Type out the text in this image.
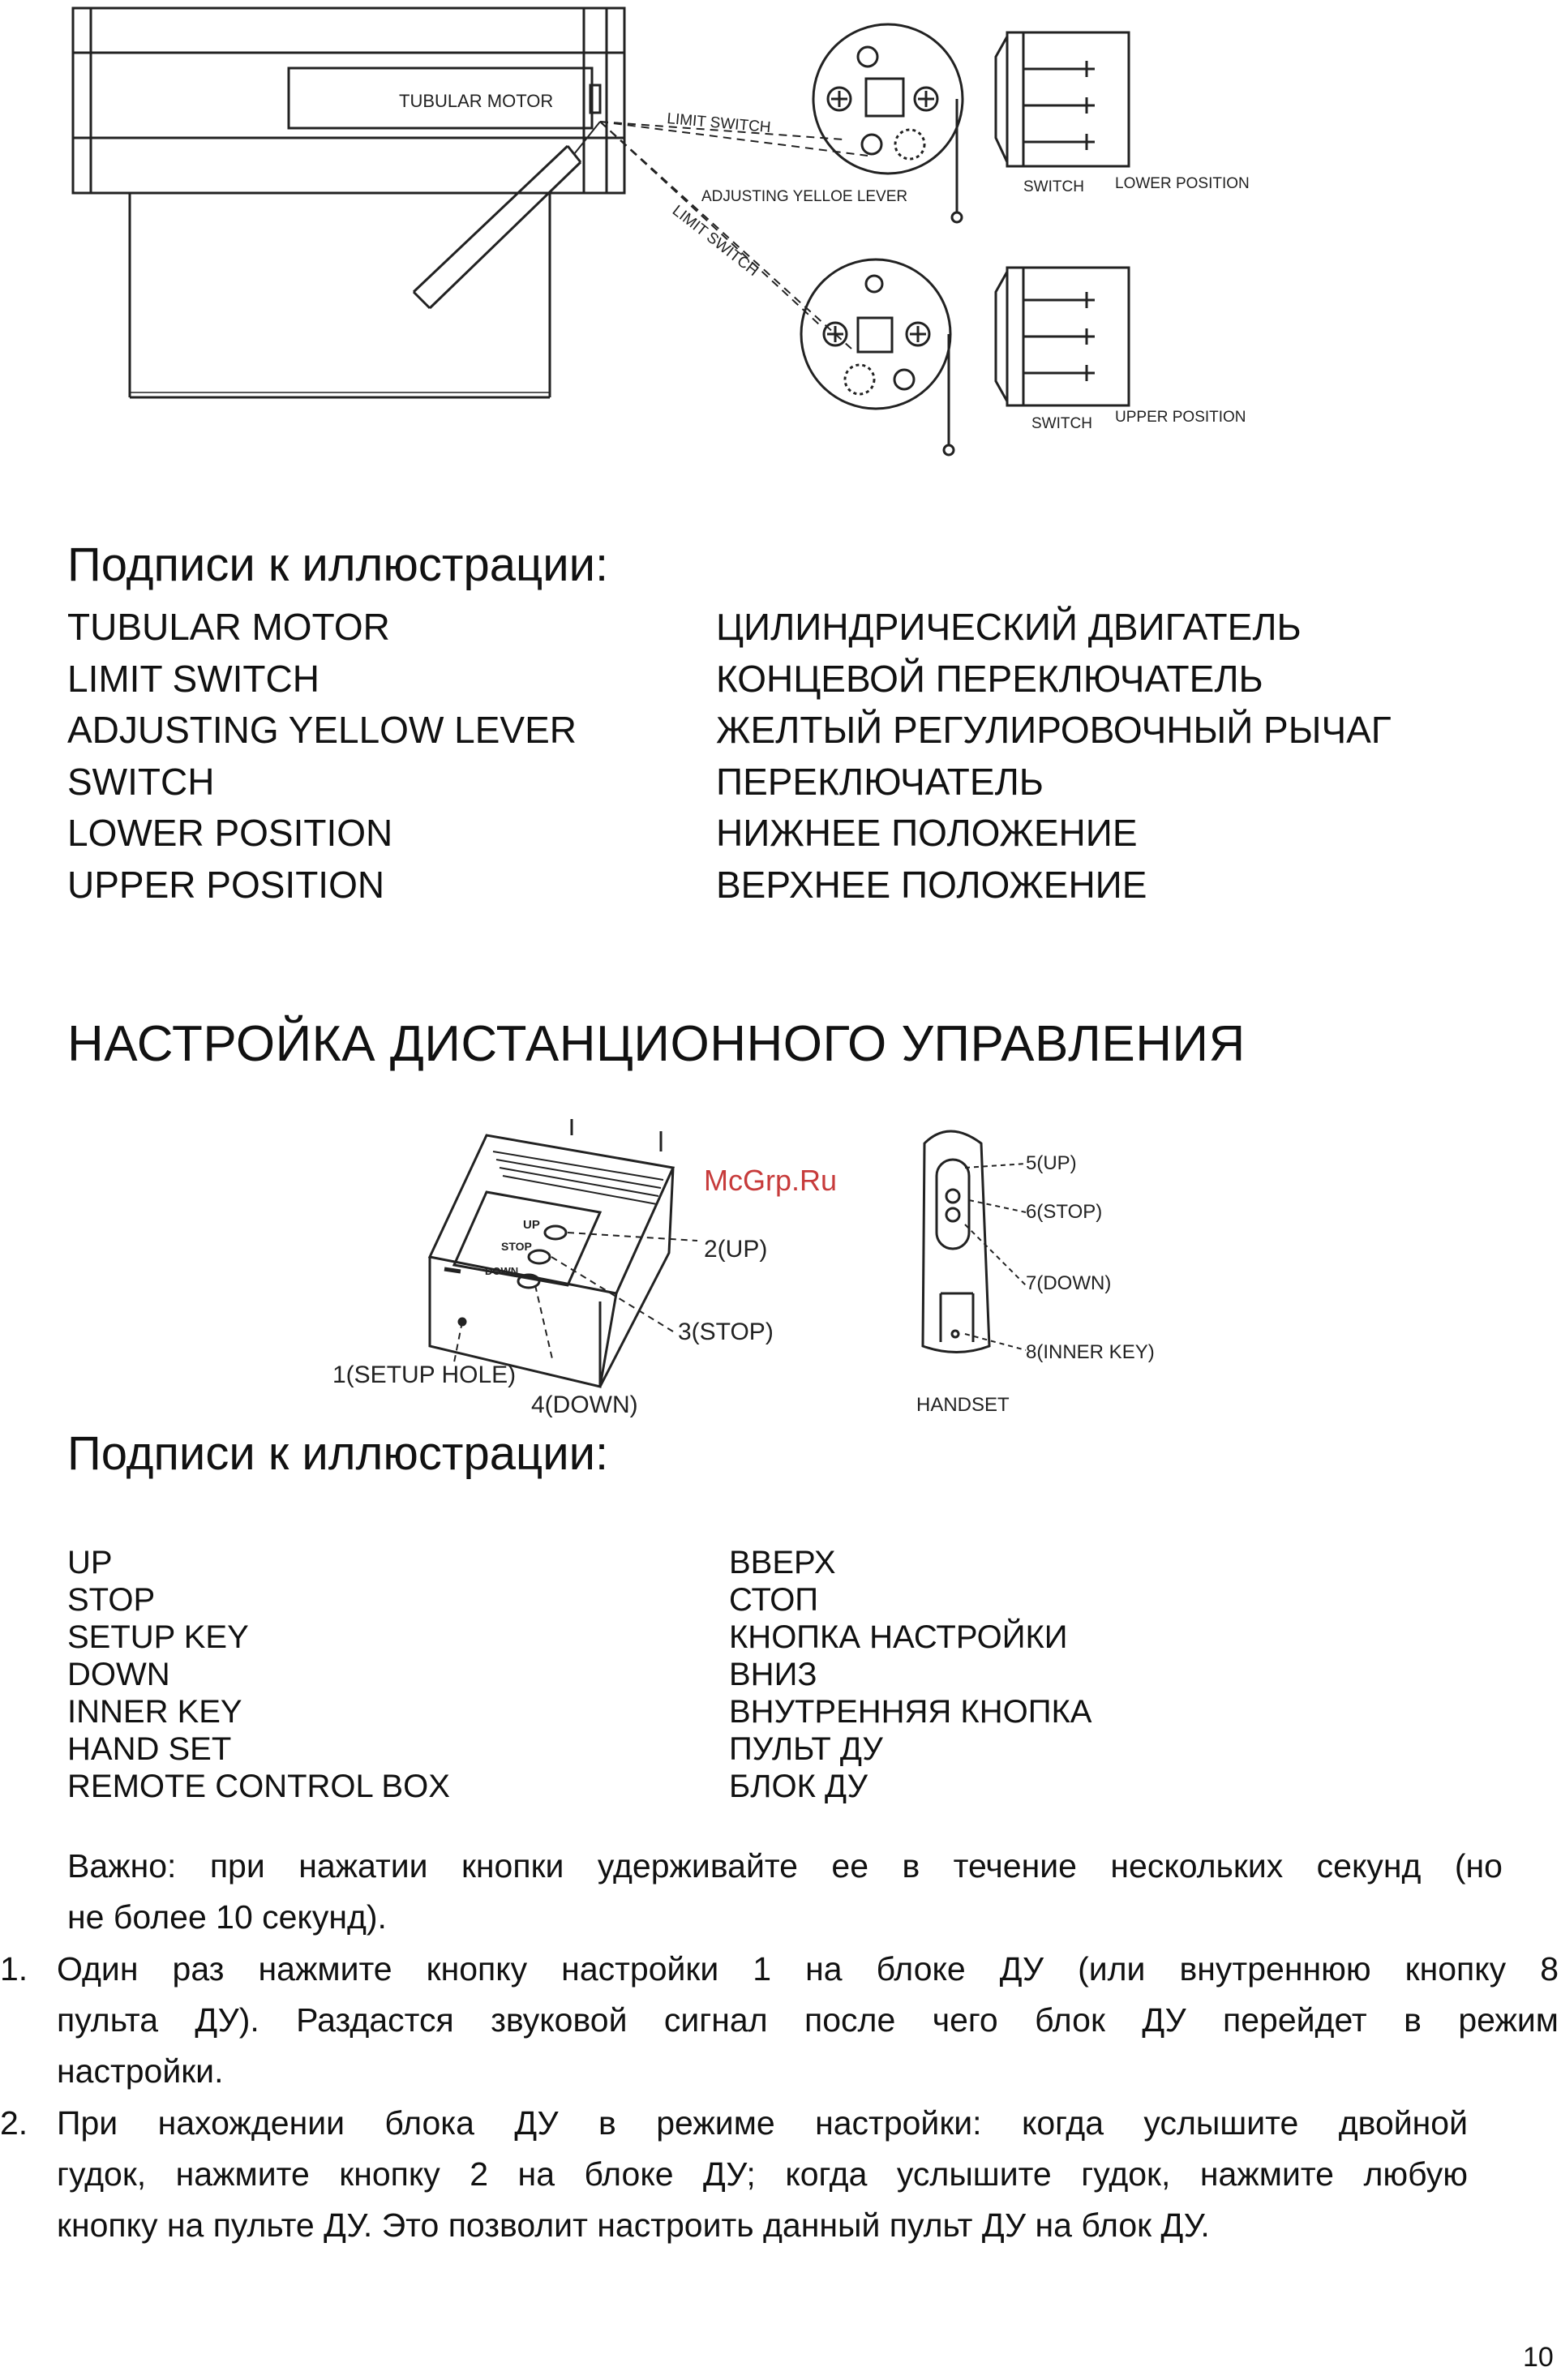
TUBULAR MOTOR
LIMIT SWITCH
ADJUSTING YELLOE LEVER
LIMIT SWITCH
SWITCH LOWER POSITION
SWITCH UPPER POSITION
Подписи к иллюстрации:
TUBULAR MOTOR	ЦИЛИНДРИЧЕСКИЙ ДВИГАТЕЛЬ
LIMIT SWITCH	КОНЦЕВОЙ ПЕРЕКЛЮЧАТЕЛЬ
ADJUSTING YELLOW LEVER	ЖЕЛТЫЙ РЕГУЛИРОВОЧНЫЙ РЫЧАГ
SWITCH	ПЕРЕКЛЮЧАТЕЛЬ
LOWER POSITION	НИЖНЕЕ ПОЛОЖЕНИЕ
UPPER POSITION	ВЕРХНЕЕ ПОЛОЖЕНИЕ
НАСТРОЙКА ДИСТАНЦИОННОГО УПРАВЛЕНИЯ
UP
STOP
DOWN
2(UP)
3(STOP)
1(SETUP HOLE)
4(DOWN)
McGrp.Ru
5(UP)
6(STOP)
7(DOWN)
8(INNER KEY)
HANDSET
Подписи к иллюстрации:
UP	ВВЕРХ
STOP	СТОП
SETUP KEY	КНОПКА НАСТРОЙКИ
DOWN	ВНИЗ
INNER KEY	ВНУТРЕННЯЯ КНОПКА
HAND SET	ПУЛЬТ ДУ
REMOTE CONTROL BOX	БЛОК ДУ
Важно: при нажатии кнопки удерживайте ее в течение нескольких секунд (но
не более 10 секунд).
1. Один раз нажмите кнопку настройки 1 на блоке ДУ (или внутреннюю кнопку 8
пульта ДУ). Раздастся звуковой сигнал после чего блок ДУ перейдет в режим
настройки.
2. При нахождении блока ДУ в режиме настройки: когда услышите двойной
гудок, нажмите кнопку 2 на блоке ДУ; когда услышите гудок, нажмите любую
кнопку на пульте ДУ. Это позволит настроить данный пульт ДУ на блок ДУ.
10
